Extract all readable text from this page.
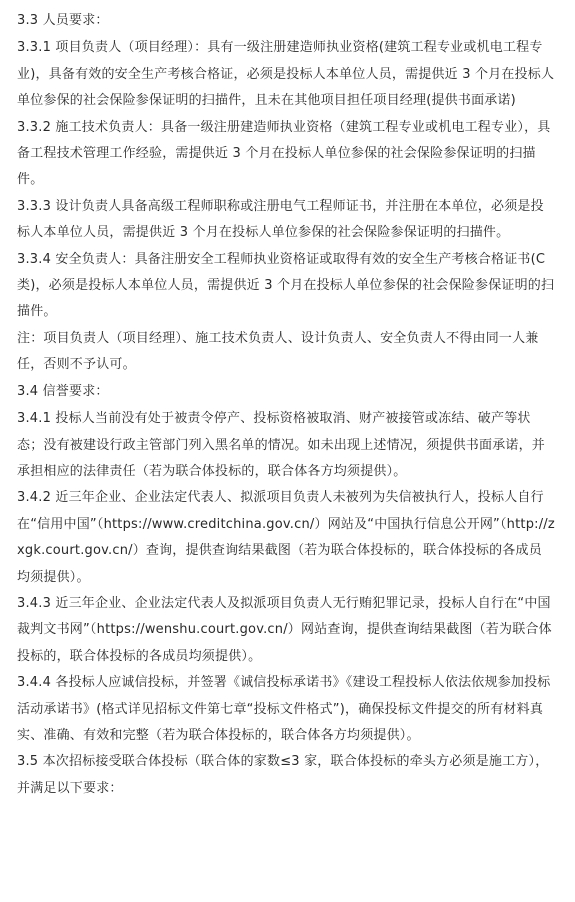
3.3 人员要求：

3.3.1 项目负责人（项目经理）：具有一级注册建造师执业资格(建筑工程专业或机电工程专业)，具备有效的安全生产考核合格证，必须是投标人本单位人员，需提供近 3 个月在投标人单位参保的社会保险参保证明的扫描件，且未在其他项目担任项目经理(提供书面承诺)

3.3.2 施工技术负责人：具备一级注册建造师执业资格（建筑工程专业或机电工程专业），具备工程技术管理工作经验，需提供近 3 个月在投标人单位参保的社会保险参保证明的扫描件。

3.3.3 设计负责人具备高级工程师职称或注册电气工程师证书，并注册在本单位，必须是投标人本单位人员，需提供近 3 个月在投标人单位参保的社会保险参保证明的扫描件。

3.3.4 安全负责人：具备注册安全工程师执业资格证或取得有效的安全生产考核合格证书(C类)，必须是投标人本单位人员，需提供近 3 个月在投标人单位参保的社会保险参保证明的扫描件。

注：项目负责人（项目经理）、施工技术负责人、设计负责人、安全负责人不得由同一人兼任，否则不予认可。

3.4 信誉要求：

3.4.1 投标人当前没有处于被责令停产、投标资格被取消、财产被接管或冻结、破产等状态；没有被建设行政主管部门列入黑名单的情况。如未出现上述情况，须提供书面承诺，并承担相应的法律责任（若为联合体投标的，联合体各方均须提供）。

3.4.2 近三年企业、企业法定代表人、拟派项目负责人未被列为失信被执行人，投标人自行在“信用中国”（https://www.creditchina.gov.cn/）网站及“中国执行信息公开网”（http://zxgk.court.gov.cn/）查询，提供查询结果截图（若为联合体投标的，联合体投标的各成员均须提供）。

3.4.3 近三年企业、企业法定代表人及拟派项目负责人无行贿犯罪记录，投标人自行在“中国裁判文书网”（https://wenshu.court.gov.cn/）网站查询，提供查询结果截图（若为联合体投标的，联合体投标的各成员均须提供）。

3.4.4 各投标人应诚信投标，并签署《诚信投标承诺书》《建设工程投标人依法依规参加投标活动承诺书》(格式详见招标文件第七章“投标文件格式”)，确保投标文件提交的所有材料真实、准确、有效和完整（若为联合体投标的，联合体各方均须提供）。

3.5 本次招标接受联合体投标（联合体的家数≤3 家，联合体投标的牵头方必须是施工方），并满足以下要求：
